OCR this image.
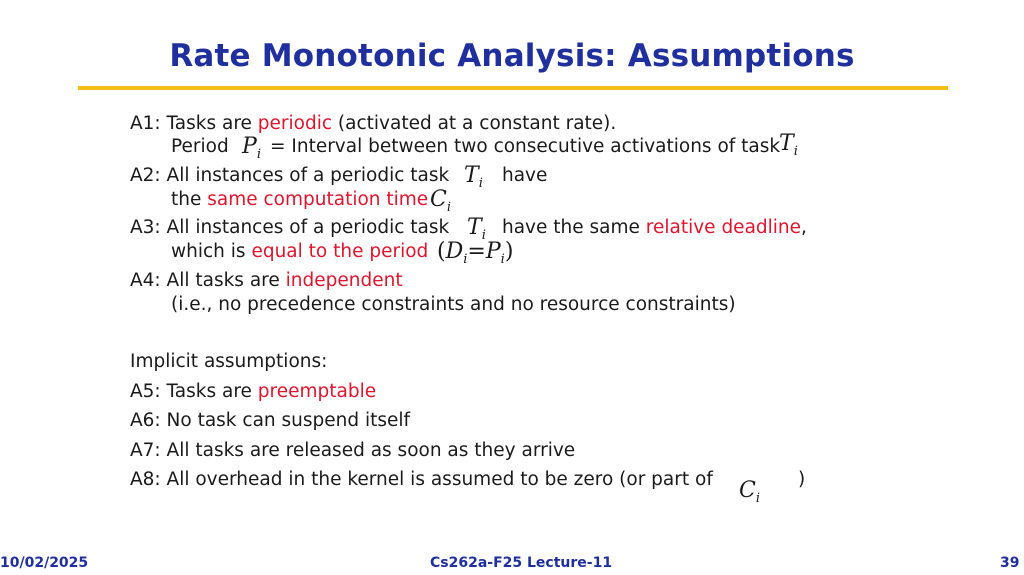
Rate Monotonic Analysis: Assumptions
A1: Tasks are periodic (activated at a constant rate).
Period $P_i$ = Interval between two consecutive activations of task
$T_i$
A2: All instances of a periodic task $T_i$ have
the same computation time $C_i$
A3: All instances of a periodic task $T_i$ have the same relative deadline,
which is equal to the period $(D_i=P_i)$
A4: All tasks are independent
(i.e., no precedence constraints and no resource constraints)
Implicit assumptions:
A5: Tasks are preemptable
A6: No task can suspend itself
A7: All tasks are released as soon as they arrive
A8: All overhead in the kernel is assumed to be zero (or part of $C_i$
)
10/02/2025	Cs262a-F25 Lecture-11	39
